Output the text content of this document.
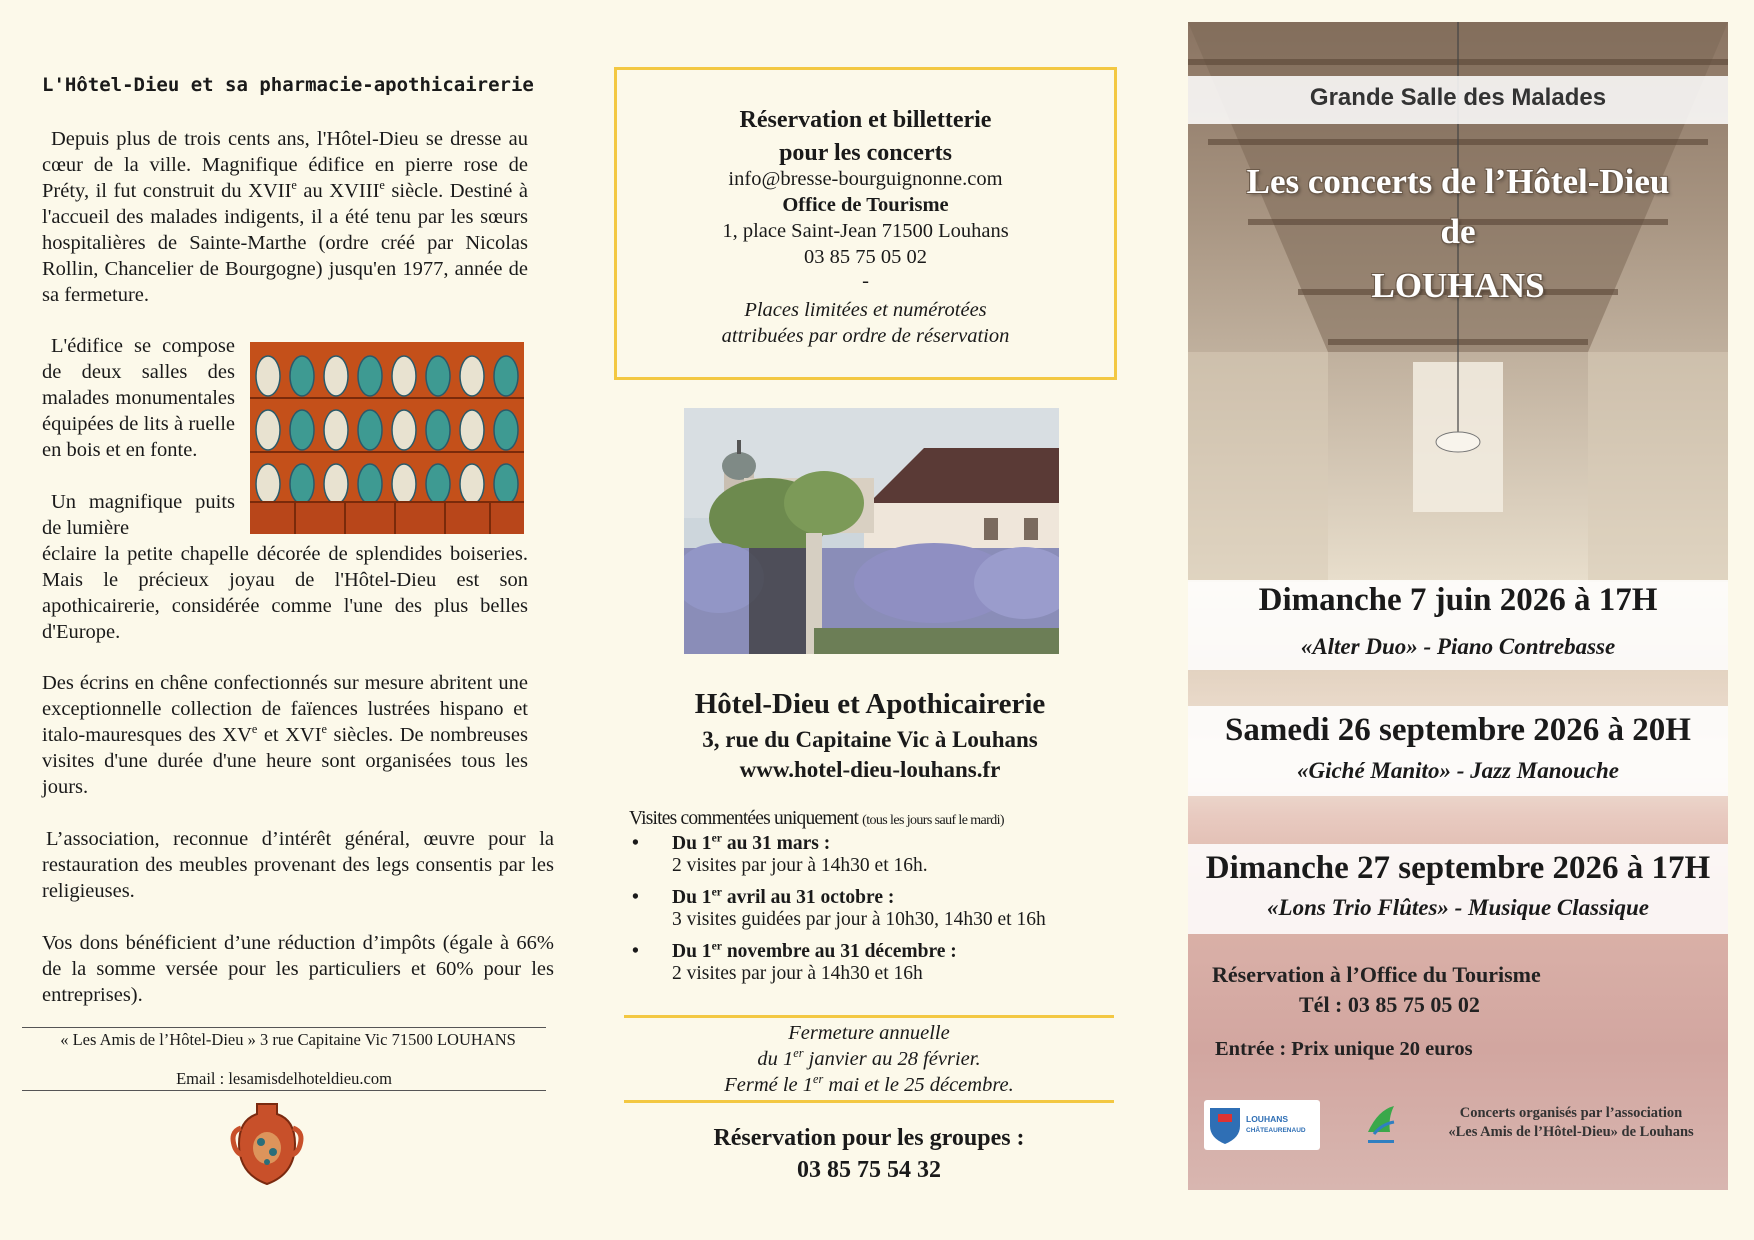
L'Hôtel-Dieu et sa pharmacie-apothicairerie
Depuis plus de trois cents ans, l'Hôtel-Dieu se dresse au cœur de la ville. Magnifique édifice en pierre rose de Préty, il fut construit du XVIIe au XVIIIe siècle. Destiné à l'accueil des malades indigents, il a été tenu par les sœurs hospitalières de Sainte-Marthe (ordre créé par Nicolas Rollin, Chancelier de Bourgogne) jusqu'en 1977, année de sa fermeture.
L'édifice se compose de deux salles des malades monumentales équipées de lits à ruelle en bois et en fonte.
Un magnifique puits de lumière
éclaire la petite chapelle décorée de splendides boiseries. Mais le précieux joyau de l'Hôtel-Dieu est son apothicairerie, considérée comme l'une des plus belles d'Europe.
Des écrins en chêne confectionnés sur mesure abritent une exceptionnelle collection de faïences lustrées hispano et italo-mauresques des XVe et XVIe siècles. De nombreuses visites d'une durée d'une heure sont organisées tous les jours.
L’association, reconnue d’intérêt général, œuvre pour la restauration des meubles provenant des legs consentis par les religieuses.
Vos dons bénéficient d’une réduction d’impôts (égale à 66% de la somme versée pour les particuliers et 60% pour les entreprises).
« Les Amis de l’Hôtel-Dieu » 3 rue Capitaine Vic 71500 LOUHANS
Email : lesamisdelhoteldieu.com
Réservation et billetterie
pour les concerts
info@bresse-bourguignonne.com
Office de Tourisme
1, place Saint-Jean 71500 Louhans
03 85 75 05 02
-
Places limitées et numérotées
attribuées par ordre de réservation
Hôtel-Dieu et Apothicairerie
3, rue du Capitaine Vic à Louhans
www.hotel-dieu-louhans.fr
Visites commentées uniquement (tous les jours sauf le mardi)
• Du 1er au 31 mars :
2 visites par jour à 14h30 et 16h.
• Du 1er avril au 31 octobre :
3 visites guidées par jour à 10h30, 14h30 et 16h
• Du 1er novembre au 31 décembre :
2 visites par jour à 14h30 et 16h
Fermeture annuelle
du 1er janvier au 28 février.
Fermé le 1er mai et le 25 décembre.
Réservation pour les groupes :
03 85 75 54 32
Grande Salle des Malades
Les concerts de l’Hôtel-Dieu
de
LOUHANS
Dimanche 7 juin 2026 à 17H
«Alter Duo» - Piano Contrebasse
Samedi 26 septembre 2026 à 20H
«Giché Manito» - Jazz Manouche
Dimanche 27 septembre 2026 à 17H
«Lons Trio Flûtes» - Musique Classique
Réservation à l’Office du Tourisme
Tél : 03 85 75 05 02
Entrée : Prix unique 20 euros
LOUHANS
CHÂTEAURENAUD
Concerts organisés par l’association
«Les Amis de l’Hôtel-Dieu» de Louhans
